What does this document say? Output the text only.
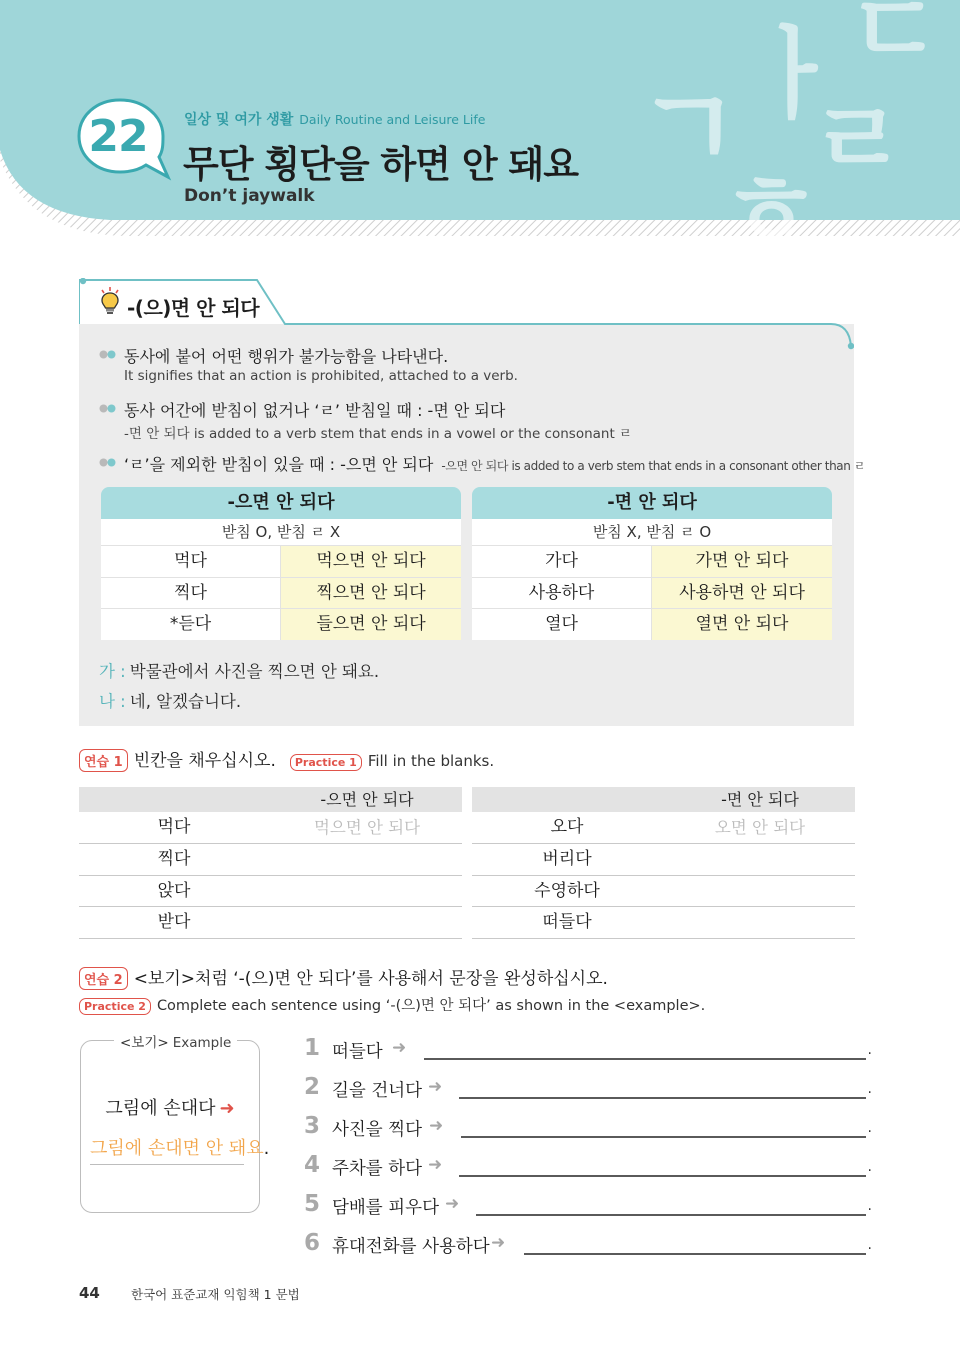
ㄱ ㅏ ㄷ
ㄹ
ㅎ
22	일상 및 여가 생활 Daily Routine and Leisure Life
무단 횡단을 하면 안 돼요
Don’t jaywalk
-(으)면 안 되다
동사에 붙어 어떤 행위가 불가능함을 나타낸다.
It signifies that an action is prohibited, attached to a verb.
동사 어간에 받침이 없거나 ‘ㄹ’ 받침일 때 : -면 안 되다
-면 안 되다 is added to a verb stem that ends in a vowel or the consonant ㄹ
‘ㄹ’을 제외한 받침이 있을 때 : -으면 안 되다 -으면 안 되다 is added to a verb stem that ends in a consonant other than ㄹ
-으면 안 되다
받침 O, 받침 ㄹ X
먹다	먹으면 안 되다
찍다	찍으면 안 되다
*듣다	들으면 안 되다
-면 안 되다
받침 X, 받침 ㄹ O
가다	가면 안 되다
사용하다	사용하면 안 되다
열다	열면 안 되다
가 : 박물관에서 사진을 찍으면 안 돼요.
나 : 네, 알겠습니다.
연습 1 빈칸을 채우십시오. Practice 1 Fill in the blanks.
-으면 안 되다
먹다	먹으면 안 되다
찍다
앉다
받다
-면 안 되다
오다	오면 안 되다
버리다
수영하다
떠들다
연습 2 <보기>처럼 ‘-(으)면 안 되다’를 사용해서 문장을 완성하십시오.
Practice 2 Complete each sentence using ‘-(으)면 안 되다’ as shown in the <example>.
<보기> Example
그림에 손대다 ➜
그림에 손대면 안 돼요.
1 떠들다 ➜	.
2 길을 건너다 ➜	.
3 사진을 찍다 ➜	.
4 주차를 하다 ➜	.
5 담배를 피우다 ➜	.
6 휴대전화를 사용하다 ➜	.
44 한국어 표준교재 익힘책 1 문법
